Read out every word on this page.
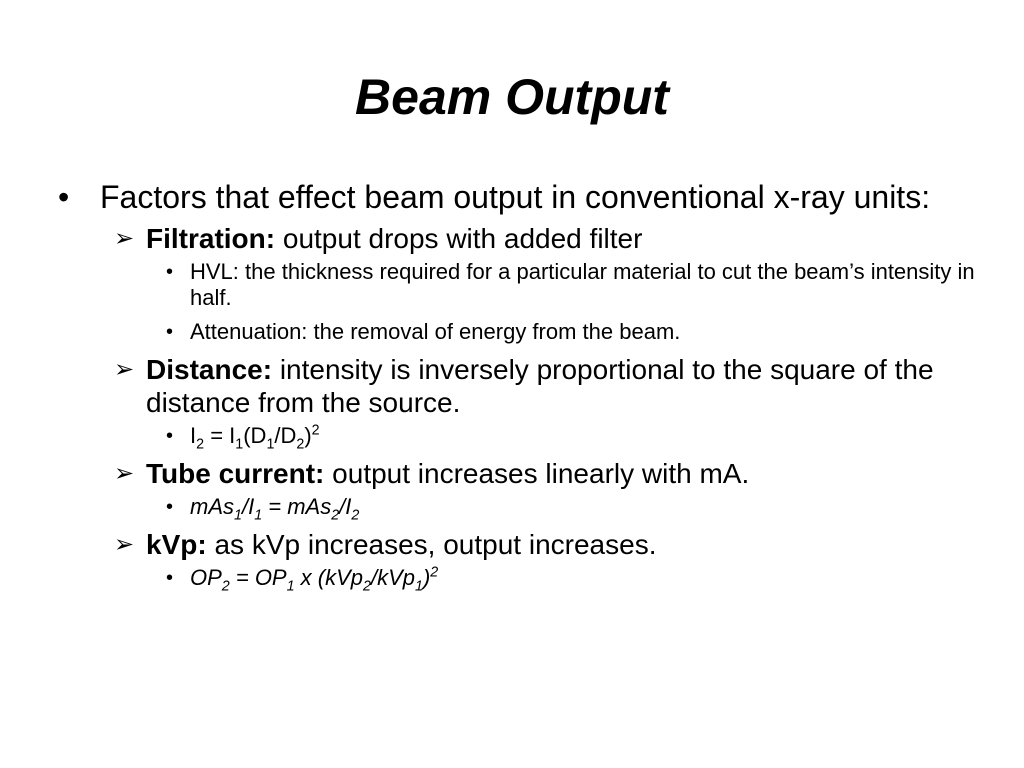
Beam Output
• Factors that effect beam output in conventional x-ray units:
➢ Filtration: output drops with added filter
• HVL: the thickness required for a particular material to cut the beam’s intensity in half.
• Attenuation: the removal of energy from the beam.
➢ Distance: intensity is inversely proportional to the square of the distance from the source.
• $I_2 = I_1(D_1/D_2)^2$
➢ Tube current: output increases linearly with mA.
• $mAs_1/I_1 = mAs_2/I_2$
➢ kVp: as kVp increases, output increases.
• $OP_2 = OP_1$ x $(kVp_2/kVp_1)^2$
